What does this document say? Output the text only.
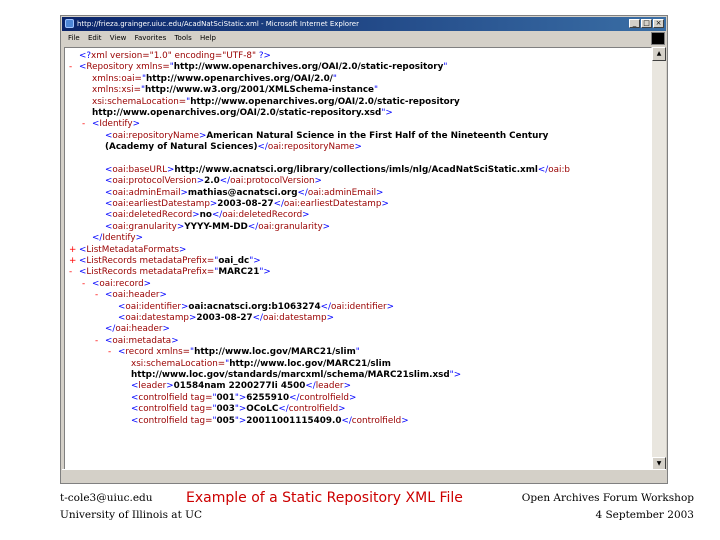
http://frieza.grainger.uiuc.edu/AcadNatSciStatic.xml - Microsoft Internet Explorer	_ □ ×
File Edit View Favorites Tools Help
<?xml version="1.0" encoding="UTF-8" ?>
- <Repository xmlns="http://www.openarchives.org/OAI/2.0/static-repository"
xmlns:oai="http://www.openarchives.org/OAI/2.0/"
xmlns:xsi="http://www.w3.org/2001/XMLSchema-instance"
xsi:schemaLocation="http://www.openarchives.org/OAI/2.0/static-repository
http://www.openarchives.org/OAI/2.0/static-repository.xsd">
- <Identify>
<oai:repositoryName>American Natural Science in the First Half of the Nineteenth Century
(Academy of Natural Sciences)</oai:repositoryName>
<oai:baseURL>http://www.acnatsci.org/library/collections/imls/nlg/AcadNatSciStatic.xml</oai:b
<oai:protocolVersion>2.0</oai:protocolVersion>
<oai:adminEmail>mathias@acnatsci.org</oai:adminEmail>
<oai:earliestDatestamp>2003-08-27</oai:earliestDatestamp>
<oai:deletedRecord>no</oai:deletedRecord>
<oai:granularity>YYYY-MM-DD</oai:granularity>
</Identify>
+ <ListMetadataFormats>
+ <ListRecords metadataPrefix="oai_dc">
- <ListRecords metadataPrefix="MARC21">
- <oai:record>
- <oai:header>
<oai:identifier>oai:acnatsci.org:b1063274</oai:identifier>
<oai:datestamp>2003-08-27</oai:datestamp>
</oai:header>
- <oai:metadata>
- <record xmlns="http://www.loc.gov/MARC21/slim"
xsi:schemaLocation="http://www.loc.gov/MARC21/slim
http://www.loc.gov/standards/marcxml/schema/MARC21slim.xsd">
<leader>01584nam 2200277Ii 4500</leader>
<controlfield tag="001">6255910</controlfield>
<controlfield tag="003">OCoLC</controlfield>
<controlfield tag="005">20011001115409.0</controlfield>
▲
▼
t-cole3@uiuc.edu
University of Illinois at UC
Example of a Static Repository XML File	Open Archives Forum Workshop
4 September 2003
